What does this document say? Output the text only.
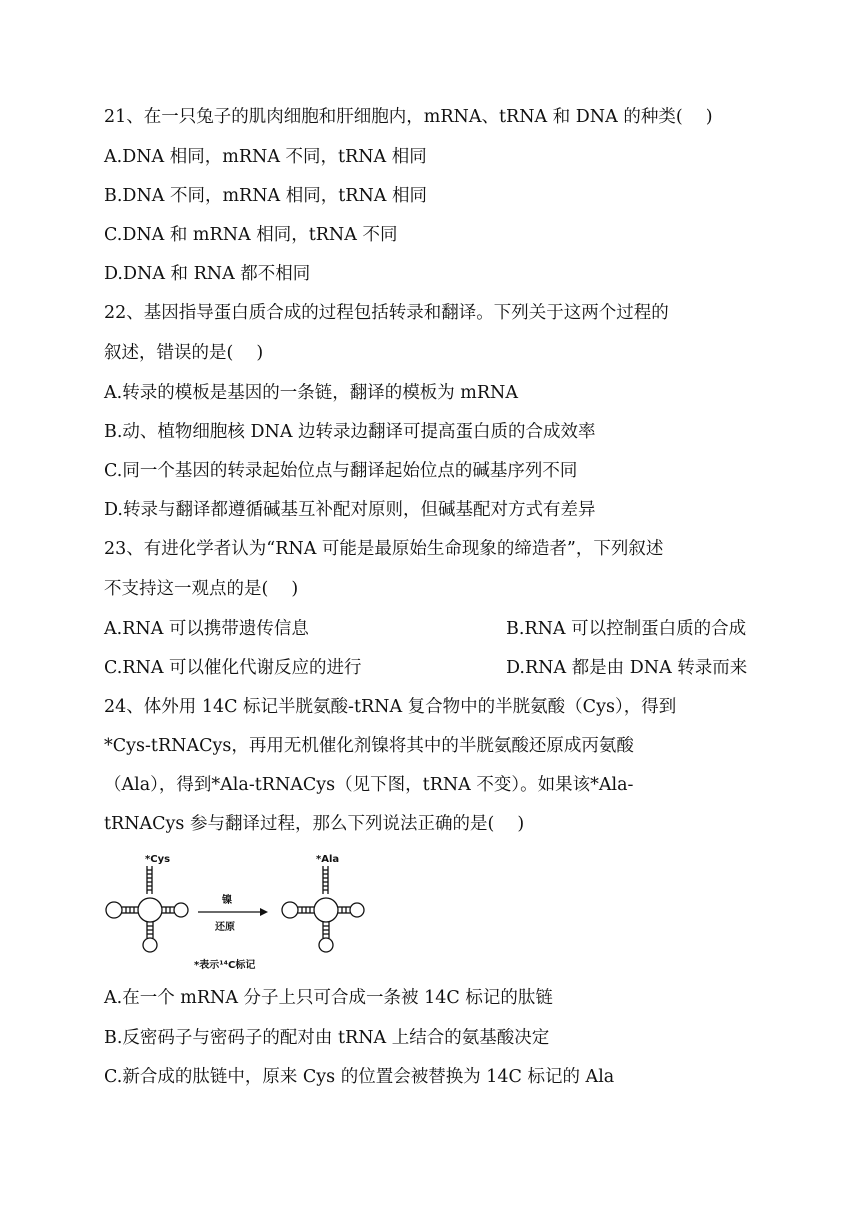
21、在一只兔子的肌肉细胞和肝细胞内，mRNA、tRNA 和 DNA 的种类(　 )
A.DNA 相同，mRNA 不同，tRNA 相同
B.DNA 不同，mRNA 相同，tRNA 相同
C.DNA 和 mRNA 相同，tRNA 不同
D.DNA 和 RNA 都不相同
22、基因指导蛋白质合成的过程包括转录和翻译。下列关于这两个过程的
叙述，错误的是(　 )
A.转录的模板是基因的一条链，翻译的模板为 mRNA
B.动、植物细胞核 DNA 边转录边翻译可提高蛋白质的合成效率
C.同一个基因的转录起始位点与翻译起始位点的碱基序列不同
D.转录与翻译都遵循碱基互补配对原则，但碱基配对方式有差异
23、有进化学者认为“RNA 可能是最原始生命现象的缔造者”，下列叙述
不支持这一观点的是(　 )
A.RNA 可以携带遗传信息	B.RNA 可以控制蛋白质的合成
C.RNA 可以催化代谢反应的进行	D.RNA 都是由 DNA 转录而来
24、体外用 14C 标记半胱氨酸-tRNA 复合物中的半胱氨酸（Cys），得到
*Cys-tRNACys，再用无机催化剂镍将其中的半胱氨酸还原成丙氨酸
（Ala），得到*Ala-tRNACys（见下图，tRNA 不变）。如果该*Ala-
tRNACys 参与翻译过程，那么下列说法正确的是(　 )
*Cys
镍
还原
*Ala
*表示¹⁴C标记
A.在一个 mRNA 分子上只可合成一条被 14C 标记的肽链
B.反密码子与密码子的配对由 tRNA 上结合的氨基酸决定
C.新合成的肽链中，原来 Cys 的位置会被替换为 14C 标记的 Ala
